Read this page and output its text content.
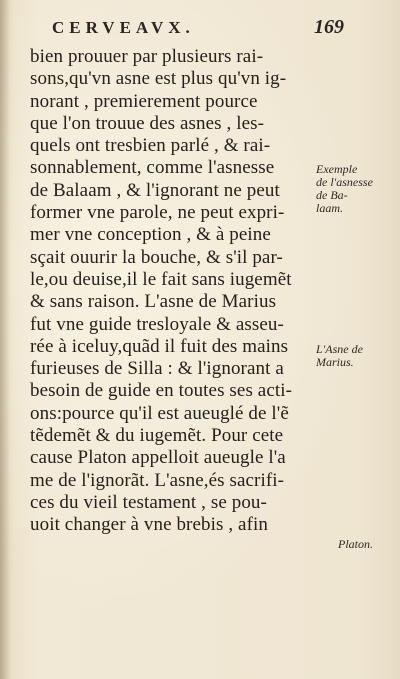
CERVEAVX.	169
bien prouuer par plusieurs rai-
sons,qu'vn asne est plus qu'vn ig-
norant , premierement pource
que l'on trouue des asnes , les-
quels ont tresbien parlé , & rai-
sonnablement, comme l'asnesse
de Balaam , & l'ignorant ne peut
former vne parole, ne peut expri-
mer vne conception , & à peine
sçait ouurir la bouche, & s'il par-
le,ou deuise,il le fait sans iugemẽt
& sans raison. L'asne de Marius
fut vne guide tresloyale & asseu-
rée à iceluy,quãd il fuit des mains
furieuses de Silla : & l'ignorant a
besoin de guide en toutes ses acti-
ons:pource qu'il est aueuglé de l'ẽ
tẽdemẽt & du iugemẽt. Pour cete
cause Platon appelloit aueugle l'a
me de l'ignorãt. L'asne,és sacrifi-
ces du vieil testament , se pou-
uoit changer à vne brebis , afin
Exemple
de l'asnesse
de Ba-
laam.
L'Asne de
Marius.
Platon.
